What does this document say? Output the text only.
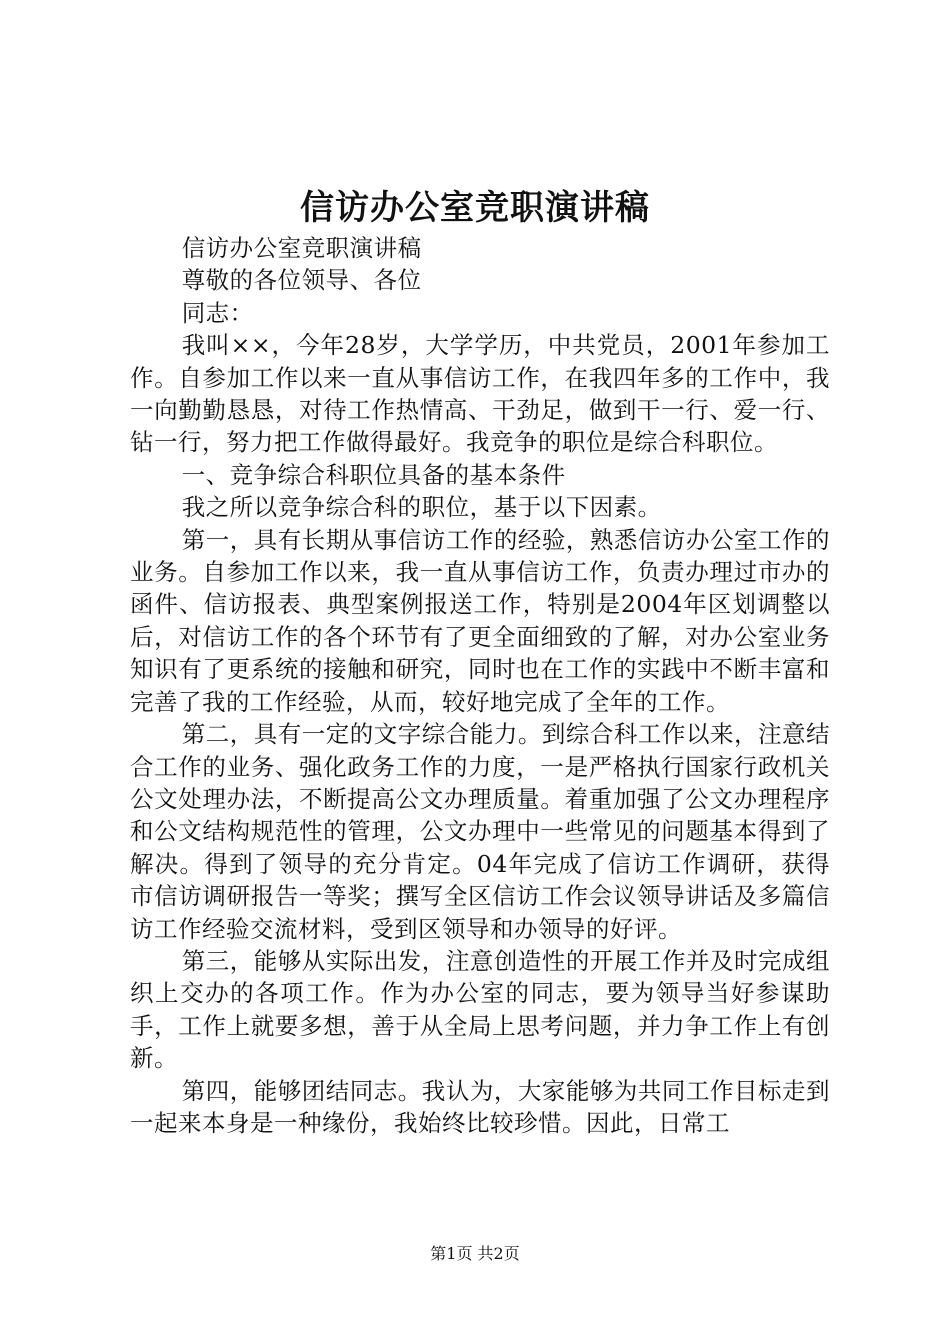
信访办公室竞职演讲稿

信访办公室竞职演讲稿

尊敬的各位领导、各位

同志：

我叫××，今年28岁，大学学历，中共党员，2001年参加工作。自参加工作以来一直从事信访工作，在我四年多的工作中，我一向勤勤恳恳，对待工作热情高、干劲足，做到干一行、爱一行、钻一行，努力把工作做得最好。我竞争的职位是综合科职位。

一、竞争综合科职位具备的基本条件

我之所以竞争综合科的职位，基于以下因素。

第一，具有长期从事信访工作的经验，熟悉信访办公室工作的业务。自参加工作以来，我一直从事信访工作，负责办理过市办的函件、信访报表、典型案例报送工作，特别是2004年区划调整以后，对信访工作的各个环节有了更全面细致的了解，对办公室业务知识有了更系统的接触和研究，同时也在工作的实践中不断丰富和完善了我的工作经验，从而，较好地完成了全年的工作。

第二，具有一定的文字综合能力。到综合科工作以来，注意结合工作的业务、强化政务工作的力度，一是严格执行国家行政机关公文处理办法，不断提高公文办理质量。着重加强了公文办理程序和公文结构规范性的管理，公文办理中一些常见的问题基本得到了解决。得到了领导的充分肯定。04年完成了信访工作调研，获得市信访调研报告一等奖；撰写全区信访工作会议领导讲话及多篇信访工作经验交流材料，受到区领导和办领导的好评。

第三，能够从实际出发，注意创造性的开展工作并及时完成组织上交办的各项工作。作为办公室的同志，要为领导当好参谋助手，工作上就要多想，善于从全局上思考问题，并力争工作上有创新。

第四，能够团结同志。我认为，大家能够为共同工作目标走到一起来本身是一种缘份，我始终比较珍惜。因此，日常工

第1页 共2页
